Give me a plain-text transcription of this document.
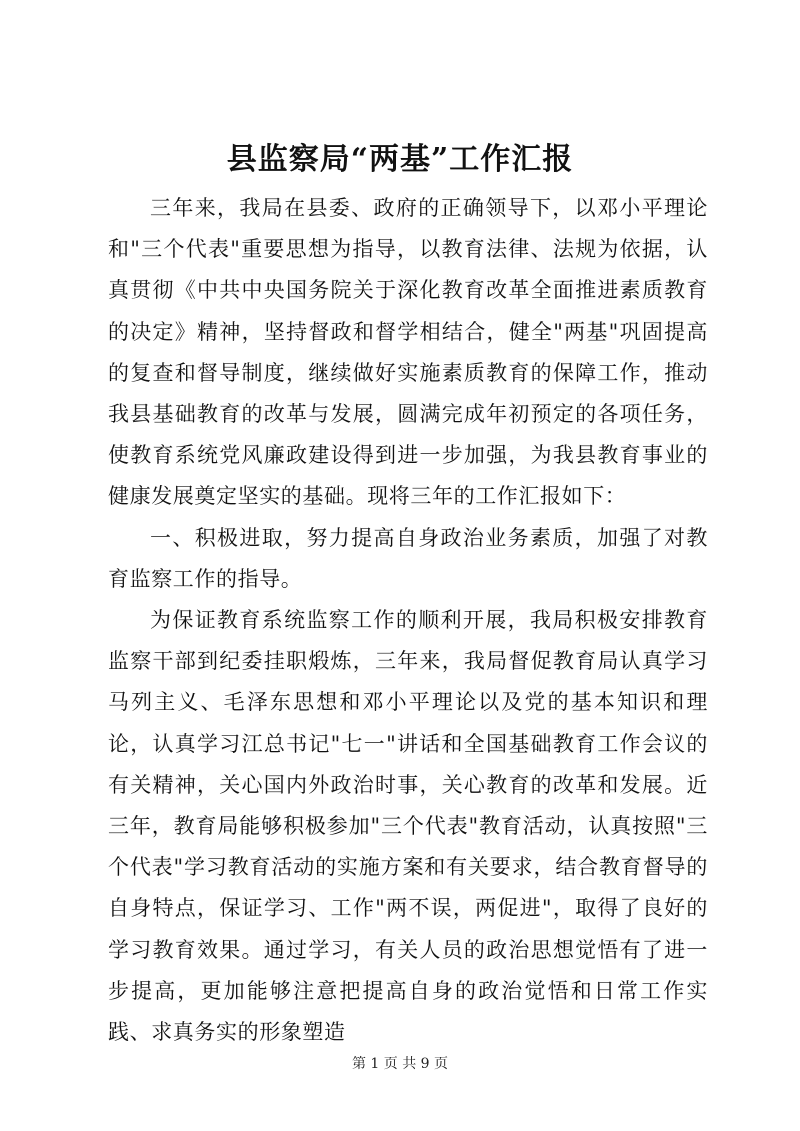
县监察局“两基”工作汇报

三年来，我局在县委、政府的正确领导下，以邓小平理论和"三个代表"重要思想为指导，以教育法律、法规为依据，认真贯彻《中共中央国务院关于深化教育改革全面推进素质教育的决定》精神，坚持督政和督学相结合，健全"两基"巩固提高的复查和督导制度，继续做好实施素质教育的保障工作，推动我县基础教育的改革与发展，圆满完成年初预定的各项任务，使教育系统党风廉政建设得到进一步加强，为我县教育事业的健康发展奠定坚实的基础。现将三年的工作汇报如下：

一、积极进取，努力提高自身政治业务素质，加强了对教育监察工作的指导。

为保证教育系统监察工作的顺利开展，我局积极安排教育监察干部到纪委挂职煅炼，三年来，我局督促教育局认真学习马列主义、毛泽东思想和邓小平理论以及党的基本知识和理论，认真学习江总书记"七一"讲话和全国基础教育工作会议的有关精神，关心国内外政治时事，关心教育的改革和发展。近三年，教育局能够积极参加"三个代表"教育活动，认真按照"三个代表"学习教育活动的实施方案和有关要求，结合教育督导的自身特点，保证学习、工作"两不误，两促进"，取得了良好的学习教育效果。通过学习，有关人员的政治思想觉悟有了进一步提高，更加能够注意把提高自身的政治觉悟和日常工作实践、求真务实的形象塑造

第 1 页 共 9 页
